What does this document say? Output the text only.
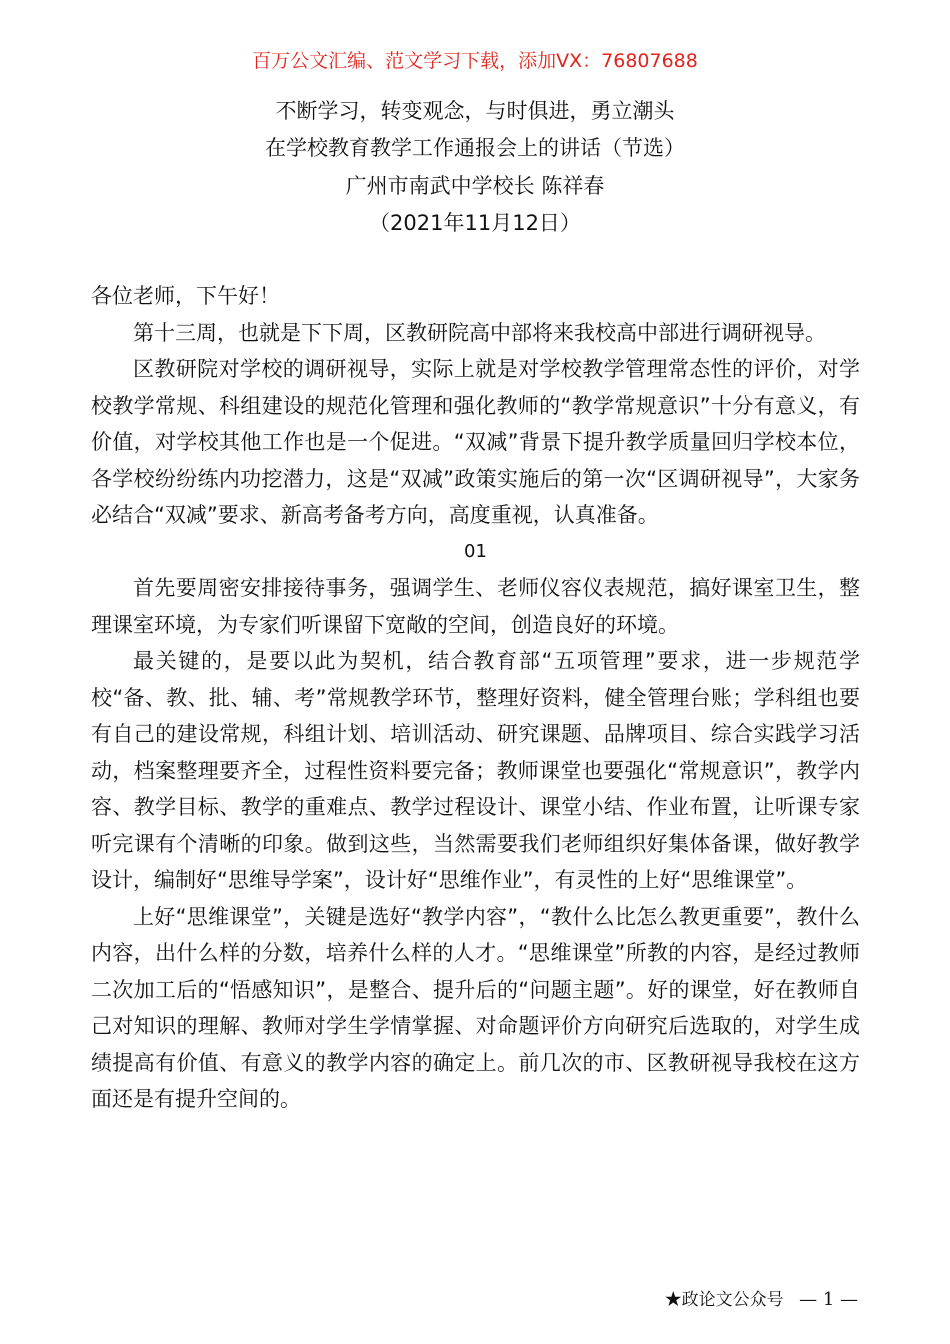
百万公文汇编、范文学习下载，添加VX：76807688
不断学习，转变观念，与时俱进，勇立潮头
在学校教育教学工作通报会上的讲话（节选）
广州市南武中学校长 陈祥春
（2021年11月12日）

各位老师，下午好！

第十三周，也就是下下周，区教研院高中部将来我校高中部进行调研视导。

区教研院对学校的调研视导，实际上就是对学校教学管理常态性的评价，对学校教学常规、科组建设的规范化管理和强化教师的“教学常规意识”十分有意义，有价值，对学校其他工作也是一个促进。“双减”背景下提升教学质量回归学校本位，各学校纷纷练内功挖潜力，这是“双减”政策实施后的第一次“区调研视导”，大家务必结合“双减”要求、新高考备考方向，高度重视，认真准备。

01

首先要周密安排接待事务，强调学生、老师仪容仪表规范，搞好课室卫生，整理课室环境，为专家们听课留下宽敞的空间，创造良好的环境。

最关键的，是要以此为契机，结合教育部“五项管理”要求，进一步规范学校“备、教、批、辅、考”常规教学环节，整理好资料，健全管理台账；学科组也要有自己的建设常规，科组计划、培训活动、研究课题、品牌项目、综合实践学习活动，档案整理要齐全，过程性资料要完备；教师课堂也要强化“常规意识”，教学内容、教学目标、教学的重难点、教学过程设计、课堂小结、作业布置，让听课专家听完课有个清晰的印象。做到这些，当然需要我们老师组织好集体备课，做好教学设计，编制好“思维导学案”，设计好“思维作业”，有灵性的上好“思维课堂”。

上好“思维课堂”，关键是选好“教学内容”，“教什么比怎么教更重要”，教什么内容，出什么样的分数，培养什么样的人才。“思维课堂”所教的内容，是经过教师二次加工后的“悟感知识”，是整合、提升后的“问题主题”。好的课堂，好在教师自己对知识的理解、教师对学生学情掌握、对命题评价方向研究后选取的，对学生成绩提高有价值、有意义的教学内容的确定上。前几次的市、区教研视导我校在这方面还是有提升空间的。

★政论文公众号 — 1 —
